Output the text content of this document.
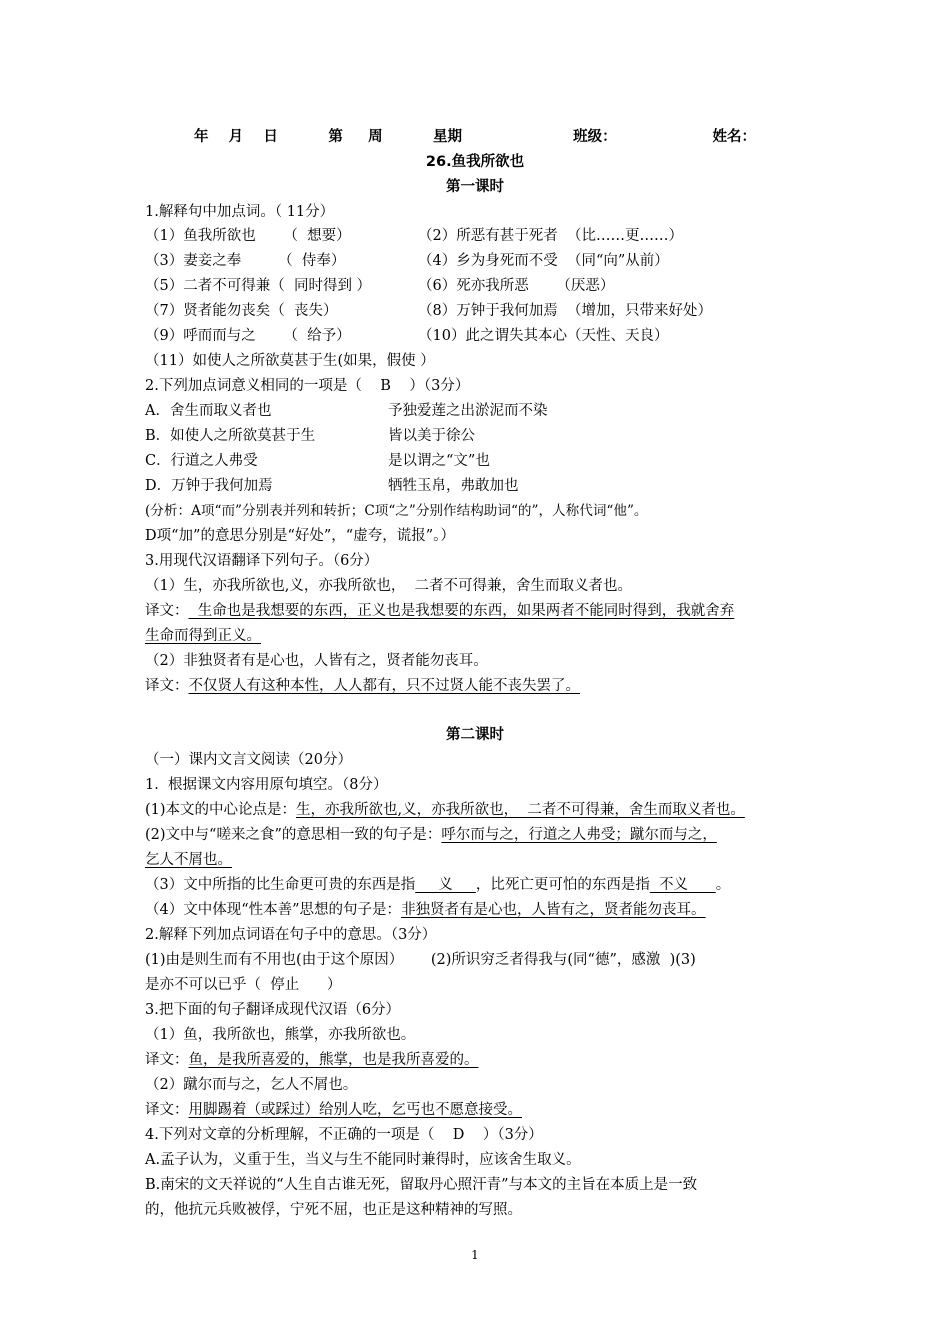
年    月    日          第     周          星期                      班级：                   姓名：
26.鱼我所欲也
第一课时
1.解释句中加点词。（ 11分）
（1）鱼我所欲也      （  想要）	（2）所恶有甚于死者  （比……更……）
（3）妻妾之奉        （  侍奉）	（4）乡为身死而不受  （同“向”从前）
（5）二者不可得兼（  同时得到 ）	（6）死亦我所恶      （厌恶）
（7）贤者能勿丧矣（  丧失）	（8）万钟于我何加焉  （增加，只带来好处）
（9）呼而而与之      （  给予）	（10）此之谓失其本心（天性、天良）
（11）如使人之所欲莫甚于生(如果，假使 ）
2.下列加点词意义相同的一项是（    B    ）（3分）
A．舍生而取义者也	予独爱莲之出淤泥而不染
B．如使人之所欲莫甚于生	皆以美于徐公
C．行道之人弗受	是以谓之“文”也
D．万钟于我何加焉	牺牲玉帛，弗敢加也
(分析：A项“而”分别表并列和转折；C项“之”分别作结构助词“的”，人称代词“他”。
D项“加”的意思分别是“好处”，“虚夸，谎报”。）
3.用现代汉语翻译下列句子。（6分）
（1）生，亦我所欲也,义，亦我所欲也，  二者不可得兼，舍生而取义者也。
译文：  生命也是我想要的东西，正义也是我想要的东西，如果两者不能同时得到，我就舍弃
生命而得到正义。
（2）非独贤者有是心也，人皆有之，贤者能勿丧耳。
译文：不仅贤人有这种本性，人人都有，只不过贤人能不丧失罢了。
第二课时
（一）课内文言文阅读（20分）
1.  根据课文内容用原句填空。（8分）
(1)本文的中心论点是：生，亦我所欲也,义，亦我所欲也，  二者不可得兼，舍生而取义者也。
(2)文中与“嗟来之食”的意思相一致的句子是：呼尔而与之，行道之人弗受；蹴尔而与之，
乞人不屑也。
（3）文中所指的比生命更可贵的东西是指     义     ，比死亡更可怕的东西是指  不义      。
（4）文中体现“性本善”思想的句子是：非独贤者有是心也，人皆有之，贤者能勿丧耳。
2.解释下列加点词语在句子中的意思。（3分）
(1)由是则生而有不用也(由于这个原因）      (2)所识穷乏者得我与(同“德”，感激  )(3)
是亦不可以已乎（  停止      ）
3.把下面的句子翻译成现代汉语（6分）
（1）鱼，我所欲也，熊掌，亦我所欲也。
译文：鱼，是我所喜爱的，熊掌，也是我所喜爱的。
（2）蹴尔而与之，乞人不屑也。
译文：用脚踢着（或踩过）给别人吃，乞丐也不愿意接受。
4.下列对文章的分析理解，不正确的一项是（    D    ）（3分）
A.孟子认为，义重于生，当义与生不能同时兼得时，应该舍生取义。
B.南宋的文天祥说的“人生自古谁无死，留取丹心照汗青”与本文的主旨在本质上是一致
的，他抗元兵败被俘，宁死不屈，也正是这种精神的写照。
1
